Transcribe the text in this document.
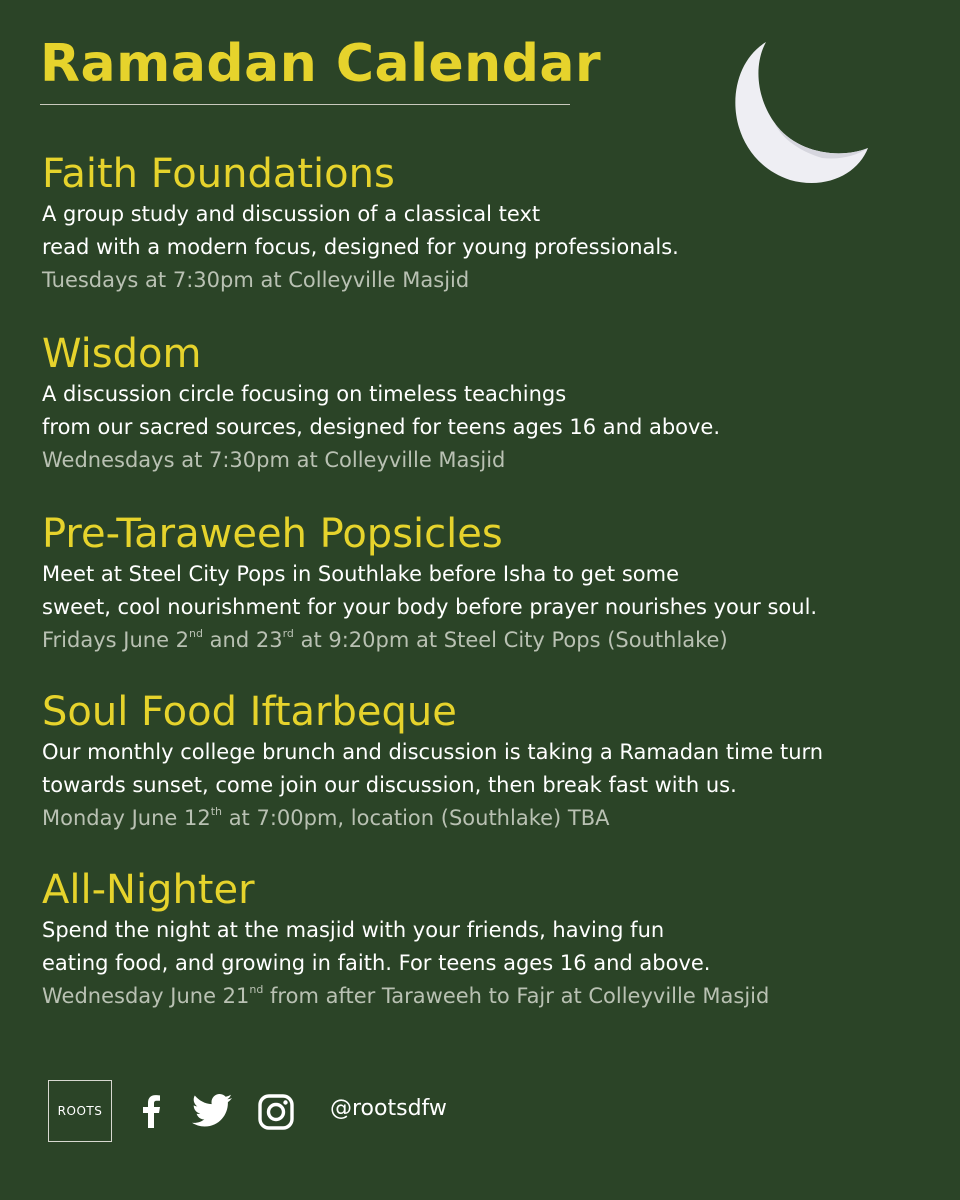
Ramadan Calendar
Faith Foundations

A group study and discussion of a classical text
read with a modern focus, designed for young professionals.

Tuesdays at 7:30pm at Colleyville Masjid

Wisdom

A discussion circle focusing on timeless teachings
from our sacred sources, designed for teens ages 16 and above.

Wednesdays at 7:30pm at Colleyville Masjid

Pre-Taraweeh Popsicles

Meet at Steel City Pops in Southlake before Isha to get some
sweet, cool nourishment for your body before prayer nourishes your soul.

Fridays June 2nd and 23rd at 9:20pm at Steel City Pops (Southlake)

Soul Food Iftarbeque

Our monthly college brunch and discussion is taking a Ramadan time turn
towards sunset, come join our discussion, then break fast with us.

Monday June 12th at 7:00pm, location (Southlake) TBA

All-Nighter

Spend the night at the masjid with your friends, having fun
eating food, and growing in faith. For teens ages 16 and above.

Wednesday June 21nd from after Taraweeh to Fajr at Colleyville Masjid

ROOTS	@rootsdfw
